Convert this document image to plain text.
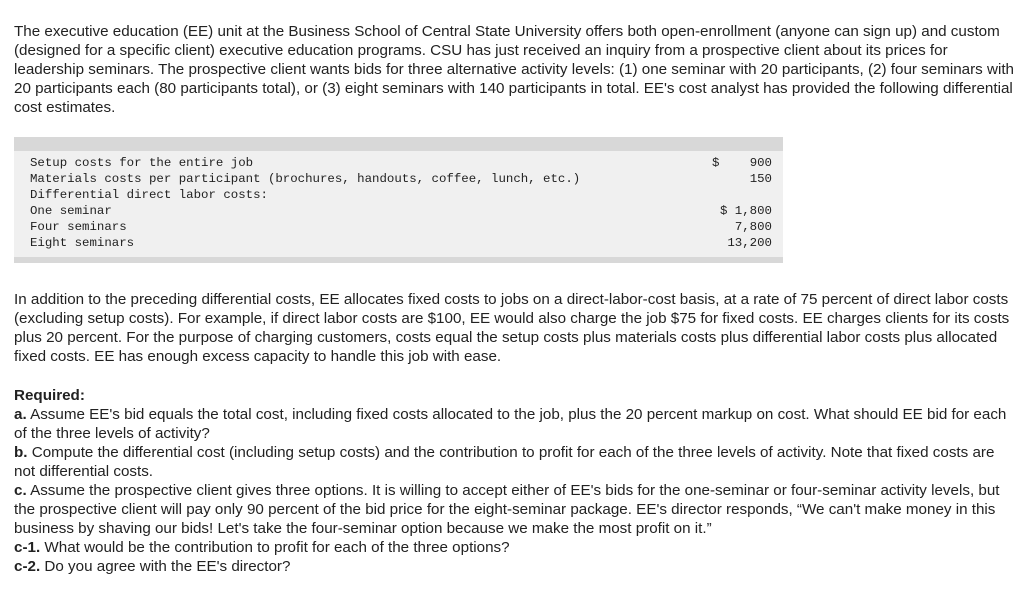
The executive education (EE) unit at the Business School of Central State University offers both open-enrollment (anyone can sign up) and custom (designed for a specific client) executive education programs. CSU has just received an inquiry from a prospective client about its prices for leadership seminars. The prospective client wants bids for three alternative activity levels: (1) one seminar with 20 participants, (2) four seminars with 20 participants each (80 participants total), or (3) eight seminars with 140 participants in total. EE's cost analyst has provided the following differential cost estimates.
Setup costs for the entire job	$ 900
Materials costs per participant (brochures, handouts, coffee, lunch, etc.)	150
Differential direct labor costs:
One seminar	$ 1,800
Four seminars	7,800
Eight seminars	13,200
In addition to the preceding differential costs, EE allocates fixed costs to jobs on a direct-labor-cost basis, at a rate of 75 percent of direct labor costs (excluding setup costs). For example, if direct labor costs are $100, EE would also charge the job $75 for fixed costs. EE charges clients for its costs plus 20 percent. For the purpose of charging customers, costs equal the setup costs plus materials costs plus differential labor costs plus allocated fixed costs. EE has enough excess capacity to handle this job with ease.
Required:
a. Assume EE's bid equals the total cost, including fixed costs allocated to the job, plus the 20 percent markup on cost. What should EE bid for each of the three levels of activity?
b. Compute the differential cost (including setup costs) and the contribution to profit for each of the three levels of activity. Note that fixed costs are not differential costs.
c. Assume the prospective client gives three options. It is willing to accept either of EE's bids for the one-seminar or four-seminar activity levels, but the prospective client will pay only 90 percent of the bid price for the eight-seminar package. EE's director responds, “We can't make money in this business by shaving our bids! Let's take the four-seminar option because we make the most profit on it.”
c-1. What would be the contribution to profit for each of the three options?
c-2. Do you agree with the EE's director?
